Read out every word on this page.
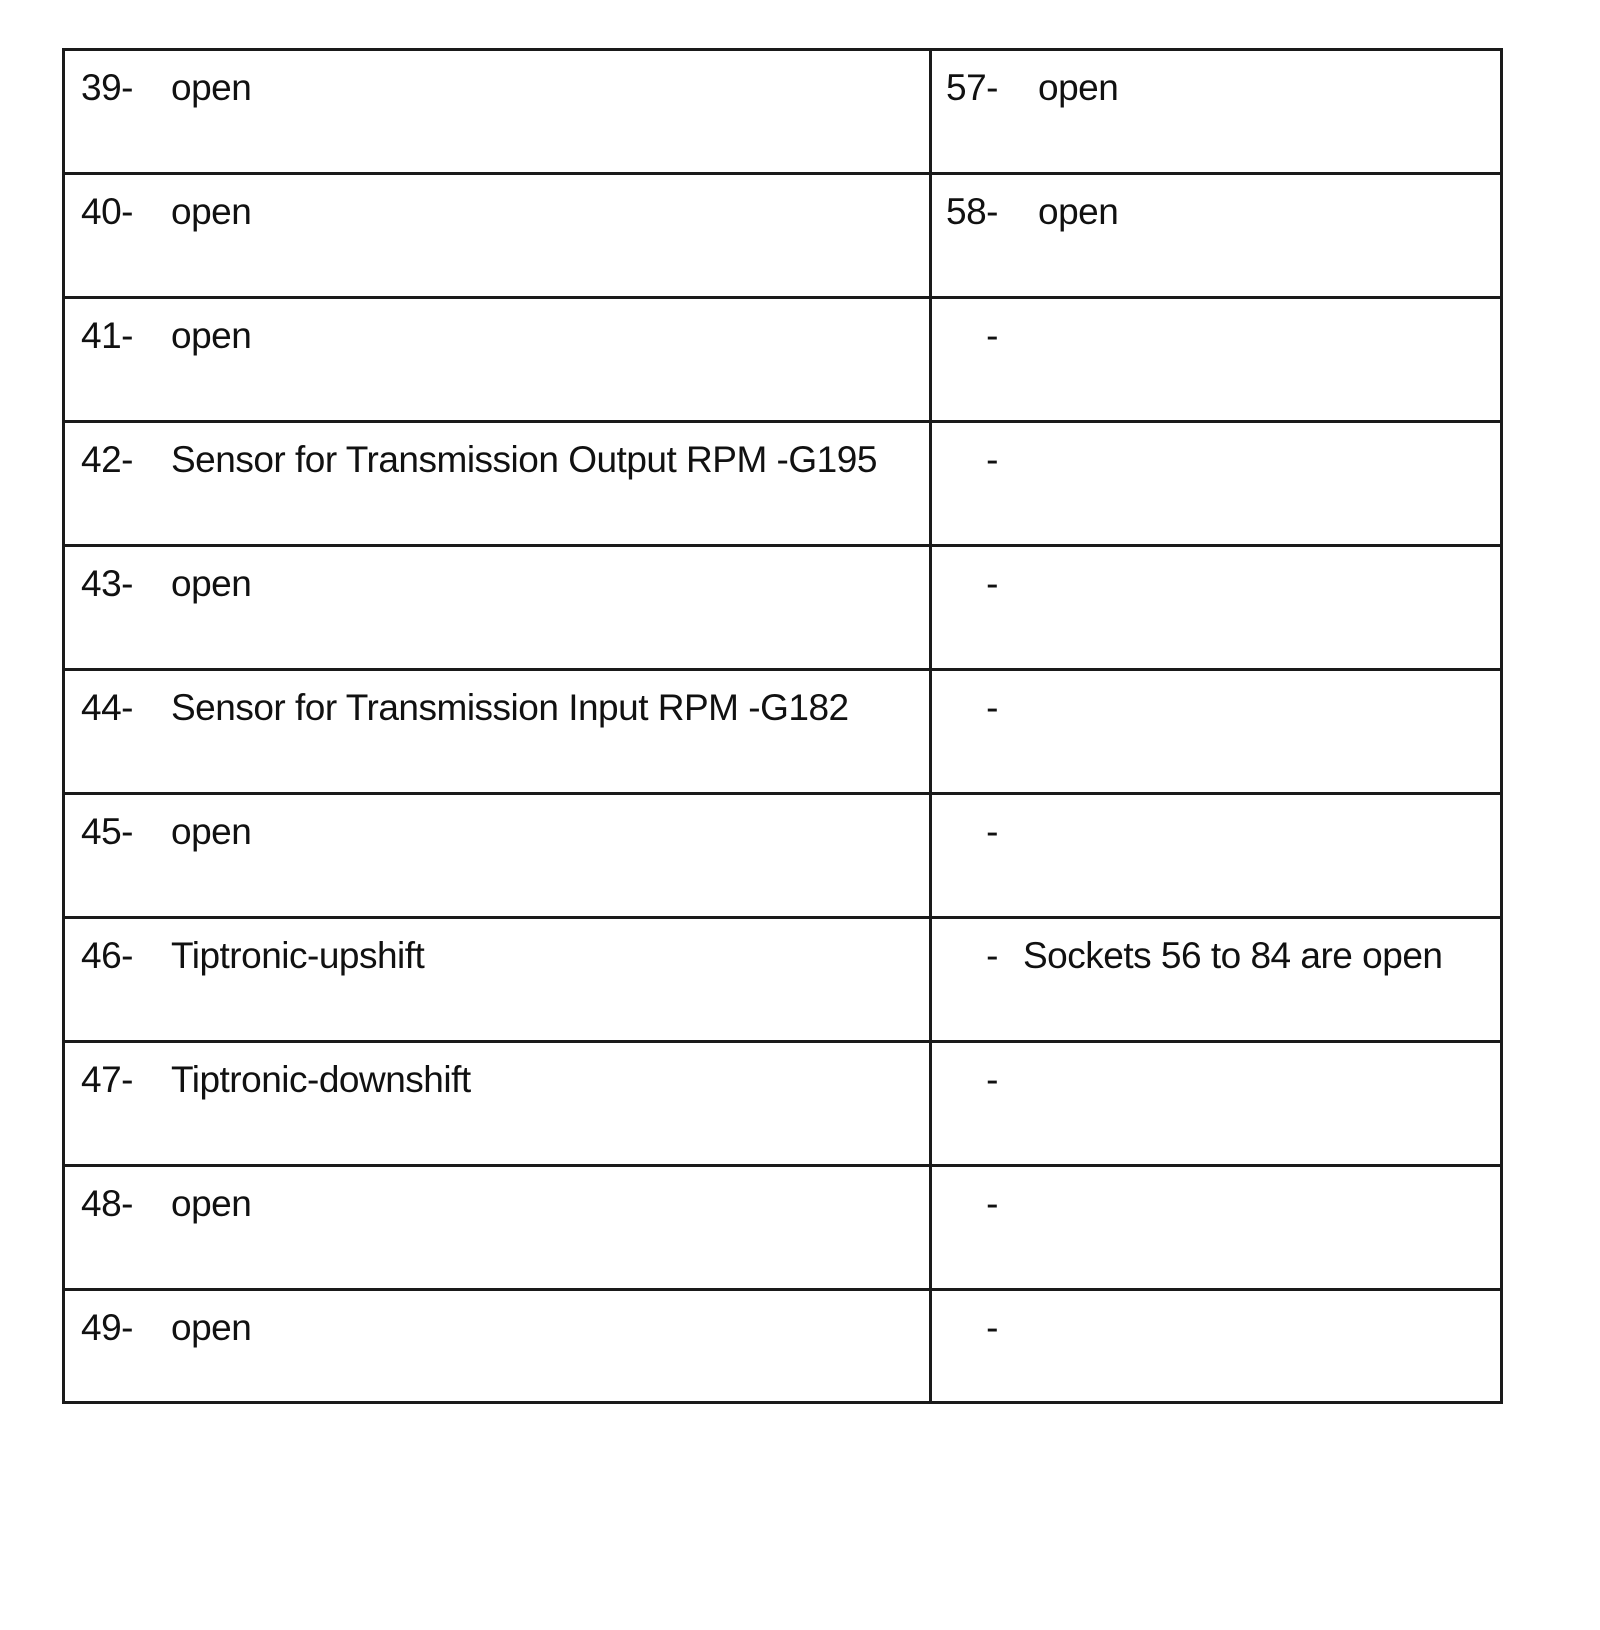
39- open	57- open

40- open	58- open

41- open	-

42- Sensor for Transmission Output RPM -G195	-

43- open	-

44- Sensor for Transmission Input RPM -G182	-

45- open	-

46- Tiptronic-upshift	- Sockets 56 to 84 are open

47- Tiptronic-downshift	-

48- open	-

49- open	-
